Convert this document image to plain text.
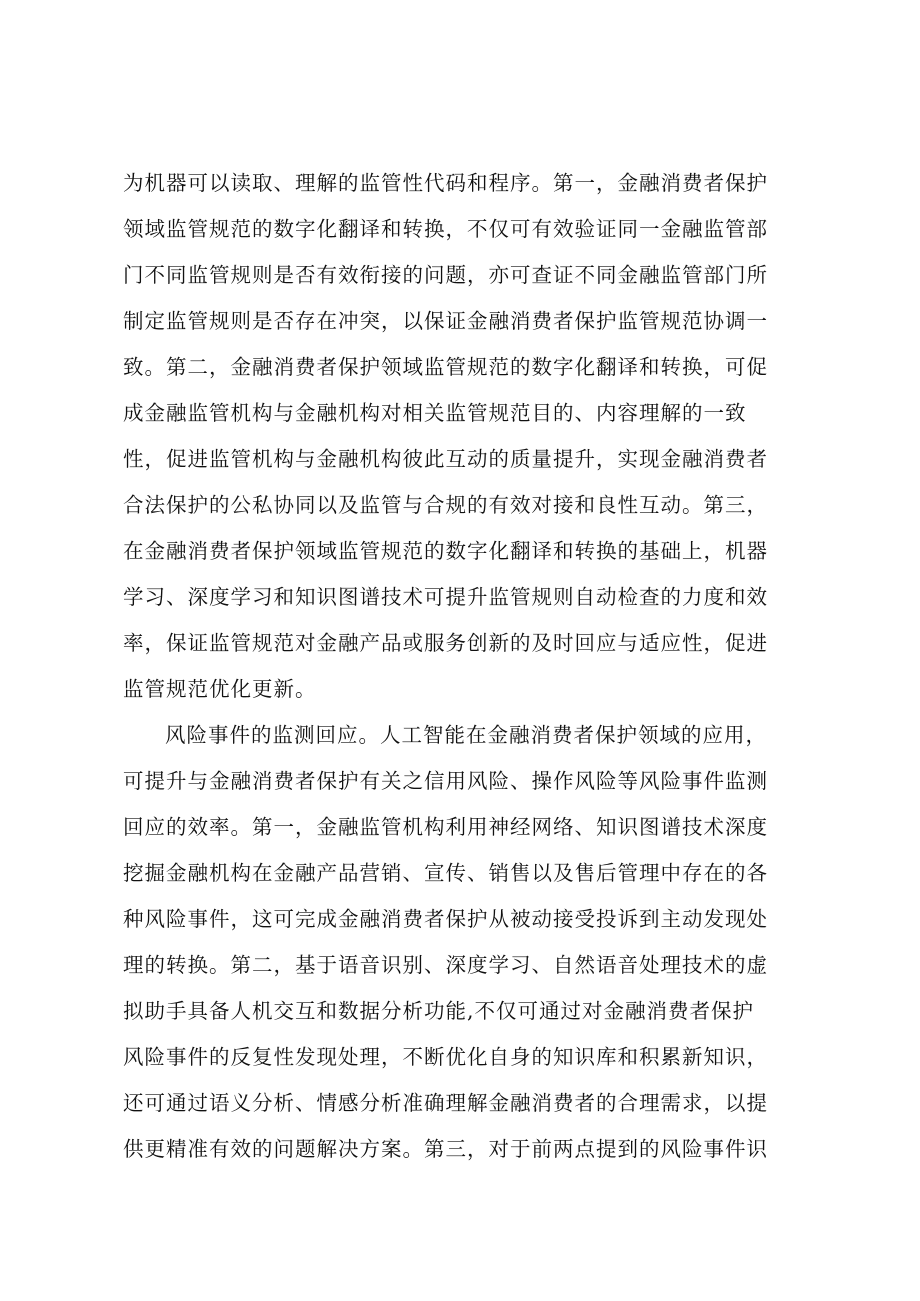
为机器可以读取、理解的监管性代码和程序。第一，金融消费者保护
领域监管规范的数字化翻译和转换，不仅可有效验证同一金融监管部
门不同监管规则是否有效衔接的问题，亦可查证不同金融监管部门所
制定监管规则是否存在冲突，以保证金融消费者保护监管规范协调一
致。第二，金融消费者保护领域监管规范的数字化翻译和转换，可促
成金融监管机构与金融机构对相关监管规范目的、内容理解的一致
性，促进监管机构与金融机构彼此互动的质量提升，实现金融消费者
合法保护的公私协同以及监管与合规的有效对接和良性互动。第三，
在金融消费者保护领域监管规范的数字化翻译和转换的基础上，机器
学习、深度学习和知识图谱技术可提升监管规则自动检查的力度和效
率，保证监管规范对金融产品或服务创新的及时回应与适应性，促进
监管规范优化更新。
风险事件的监测回应。人工智能在金融消费者保护领域的应用，
可提升与金融消费者保护有关之信用风险、操作风险等风险事件监测
回应的效率。第一，金融监管机构利用神经网络、知识图谱技术深度
挖掘金融机构在金融产品营销、宣传、销售以及售后管理中存在的各
种风险事件，这可完成金融消费者保护从被动接受投诉到主动发现处
理的转换。第二，基于语音识别、深度学习、自然语音处理技术的虚
拟助手具备人机交互和数据分析功能,不仅可通过对金融消费者保护
风险事件的反复性发现处理，不断优化自身的知识库和积累新知识，
还可通过语义分析、情感分析准确理解金融消费者的合理需求，以提
供更精准有效的问题解决方案。第三，对于前两点提到的风险事件识
